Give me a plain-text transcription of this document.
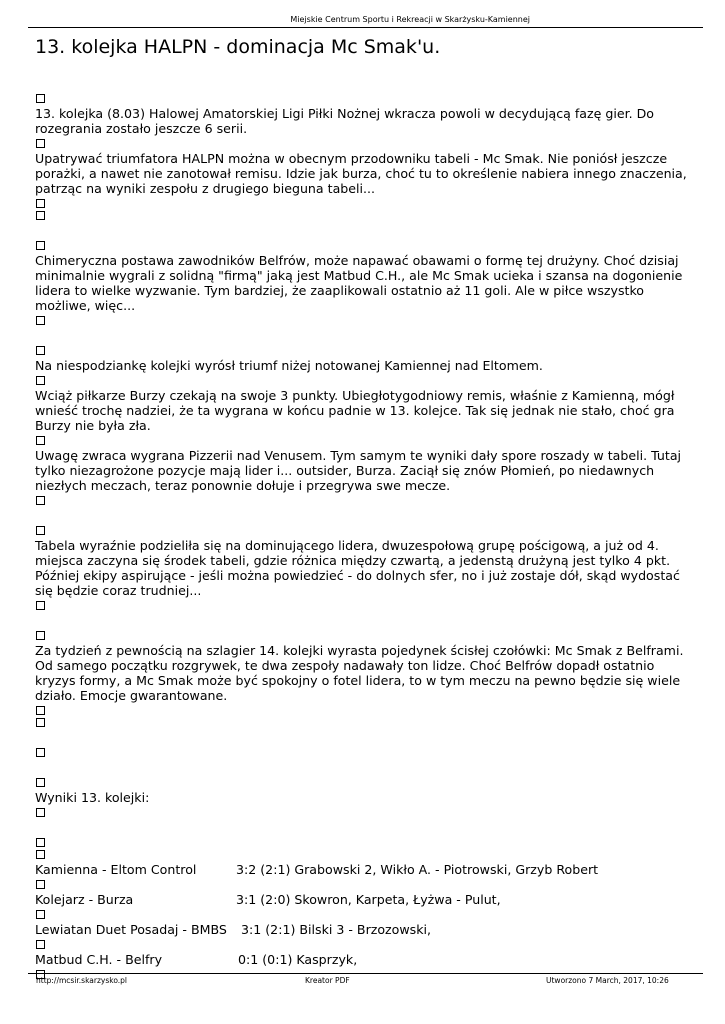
Miejskie Centrum Sportu i Rekreacji w Skarżysku-Kamiennej
13. kolejka HALPN - dominacja Mc Smak'u.

13. kolejka (8.03) Halowej Amatorskiej Ligi Piłki Nożnej wkracza powoli w decydującą fazę gier. Do rozegrania zostało jeszcze 6 serii.

Upatrywać triumfatora HALPN można w obecnym przodowniku tabeli - Mc Smak. Nie poniósł jeszcze porażki, a nawet nie zanotował remisu. Idzie jak burza, choć tu to określenie nabiera innego znaczenia, patrząc na wyniki zespołu z drugiego bieguna tabeli...

Chimeryczna postawa zawodników Belfrów, może napawać obawami o formę tej drużyny. Choć dzisiaj minimalnie wygrali z solidną "firmą" jaką jest Matbud C.H., ale Mc Smak ucieka i szansa na dogonienie lidera to wielke wyzwanie. Tym bardziej, że zaaplikowali ostatnio aż 11 goli. Ale w piłce wszystko możliwe, więc...

Na niespodziankę kolejki wyrósł triumf niżej notowanej Kamiennej nad Eltomem.

Wciąż piłkarze Burzy czekają na swoje 3 punkty. Ubiegłotygodniowy remis, właśnie z Kamienną, mógł wnieść trochę nadziei, że ta wygrana w końcu padnie w 13. kolejce. Tak się jednak nie stało, choć gra Burzy nie była zła.

Uwagę zwraca wygrana Pizzerii nad Venusem. Tym samym te wyniki dały spore roszady w tabeli. Tutaj tylko niezagrożone pozycje mają lider i... outsider, Burza. Zaciął się znów Płomień, po niedawnych niezłych meczach, teraz ponownie dołuje i przegrywa swe mecze.

Tabela wyraźnie podzieliła się na dominującego lidera, dwuzespołową grupę pościgową, a już od 4. miejsca zaczyna się środek tabeli, gdzie różnica między czwartą, a jedenstą drużyną jest tylko 4 pkt. Później ekipy aspirujące - jeśli można powiedzieć - do dolnych sfer, no i już zostaje dół, skąd wydostać się będzie coraz trudniej...

Za tydzień z pewnością na szlagier 14. kolejki wyrasta pojedynek ścisłej czołówki: Mc Smak z Belframi. Od samego początku rozgrywek, te dwa zespoły nadawały ton lidze. Choć Belfrów dopadł ostatnio kryzys formy, a Mc Smak może być spokojny o fotel lidera, to w tym meczu na pewno będzie się wiele działo. Emocje gwarantowane.

Wyniki 13. kolejki:

Kamienna - Eltom Control	3:2 (2:1) Grabowski 2, Wikło A. - Piotrowski, Grzyb Robert
Kolejarz - Burza	3:1 (2:0) Skowron, Karpeta, Łyżwa - Pulut,
Lewiatan Duet Posadaj - BMBS	3:1 (2:1) Bilski 3 - Brzozowski,
Matbud C.H. - Belfry	0:1 (0:1) Kasprzyk,
http://mcsir.skarzysko.pl	Kreator PDF	Utworzono 7 March, 2017, 10:26
